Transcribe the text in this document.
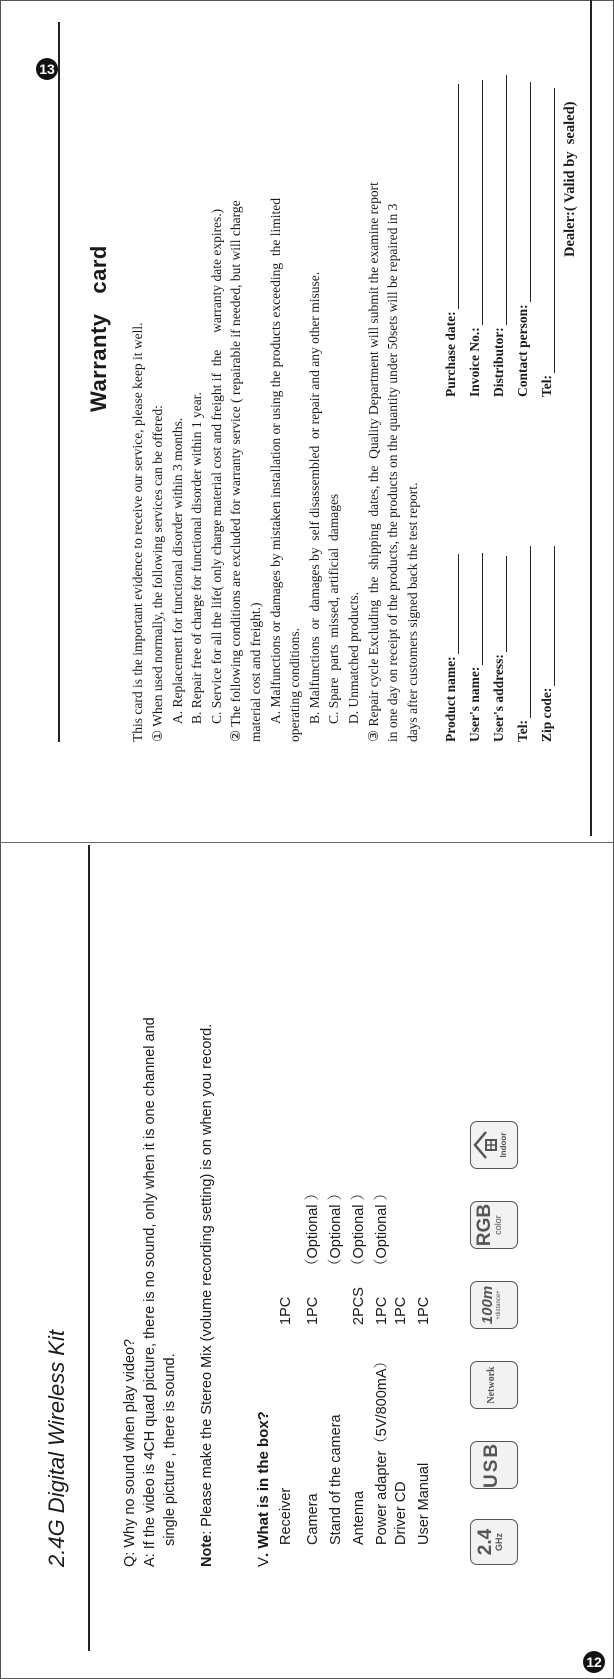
2.4G Digital Wireless Kit	Q: Why no sound when play video? A: If the video is 4CH quad picture, there is no sound, only when it is one channel and single picture , there is sound.
Note: Please make the Stereo Mix (volume recording setting) is on when you record.
V. What is in the box? Receiver
1PC
Camera
1PC
（Optional ）
Stand of the camera
（Optional ）
Antenna
2PCS
（Optional ）
Power adapter（5V/800mA）
1PC
（Optional ）
Driver CD
1PC
User Manual
1PC
2.4
GHz
USB
Network
100m +distance+
RGB
color
Indoor
12
Warranty   card This card is the important evidence to receive our service, please keep it well. ① When used normally, the following services can be offered: A. Replacement for functional disorder within 3 months. B. Repair free of charge for functional disorder within 1 year. C. Service for all the life( only charge material cost and freight if  the     warranty date expires.) ② The following conditions are excluded for warranty service ( repairable if needed, but will charge material cost and freight.) A. Malfunctions or damages by mistaken installation or using the products exceeding  the limited operating conditions. B. Malfunctions  or  damages by  self disassembled  or repair and any other misuse. C. Spare  parts  missed, artificial  damages D. Unmatched products. ③ Repair cycle Excluding  the  shipping  dates, the  Quality Department will submit the examine report in one day on receipt of the products, the products on the quantity under 50sets will be repaired in 3 days after customers signed back the test report. Product name: User's name: User's address: Tel: Zip code:
Purchase date: Invoice No.: Distributor: Contact person: Tel:
Dealer:( Valid by  sealed)
13
